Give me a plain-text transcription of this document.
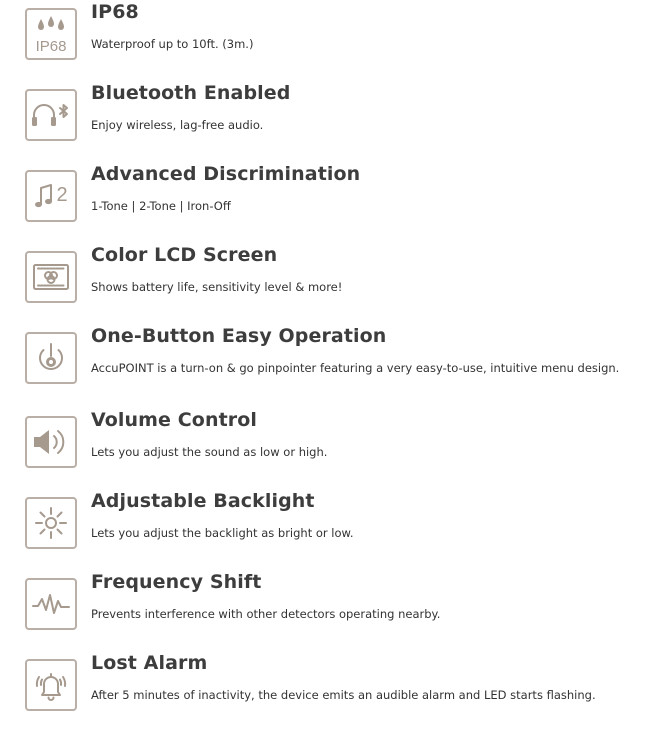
IP68
IP68
Waterproof up to 10ft. (3m.)
Bluetooth Enabled
Enjoy wireless, lag-free audio.
2
Advanced Discrimination
1-Tone | 2-Tone | Iron-Off
Color LCD Screen
Shows battery life, sensitivity level & more!
One-Button Easy Operation
AccuPOINT is a turn-on & go pinpointer featuring a very easy-to-use, intuitive menu design.
Volume Control
Lets you adjust the sound as low or high.
Adjustable Backlight
Lets you adjust the backlight as bright or low.
Frequency Shift
Prevents interference with other detectors operating nearby.
Lost Alarm
After 5 minutes of inactivity, the device emits an audible alarm and LED starts flashing.
